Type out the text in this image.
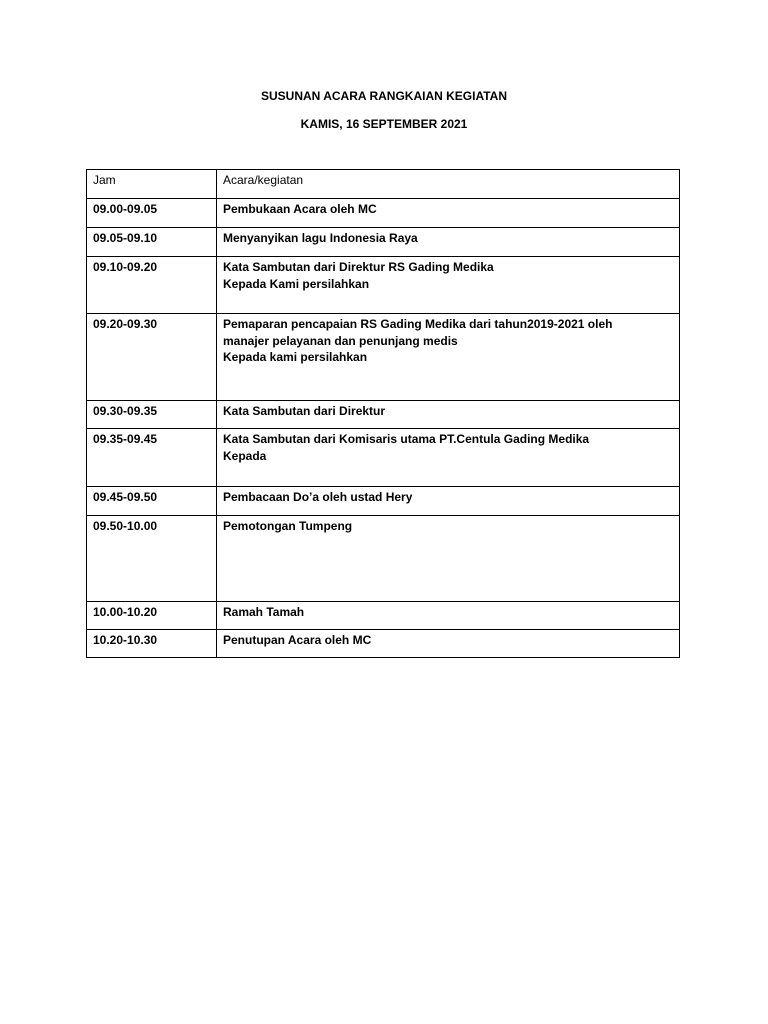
SUSUNAN ACARA RANGKAIAN KEGIATAN
KAMIS, 16 SEPTEMBER 2021
Jam	Acara/kegiatan
09.00-09.05	Pembukaan Acara oleh MC

09.05-09.10	Menyanyikan lagu Indonesia Raya

09.10-09.20	Kata Sambutan dari Direktur RS Gading Medika
Kepada Kami persilahkan

09.20-09.30	Pemaparan pencapaian RS Gading Medika dari tahun2019-2021 oleh
manajer pelayanan dan penunjang medis
Kepada kami persilahkan

09.30-09.35	Kata Sambutan dari Direktur

09.35-09.45	Kata Sambutan dari Komisaris utama PT.Centula Gading Medika
Kepada

09.45-09.50	Pembacaan Do’a oleh ustad Hery

09.50-10.00	Pemotongan Tumpeng

10.00-10.20	Ramah Tamah

10.20-10.30	Penutupan Acara oleh MC
